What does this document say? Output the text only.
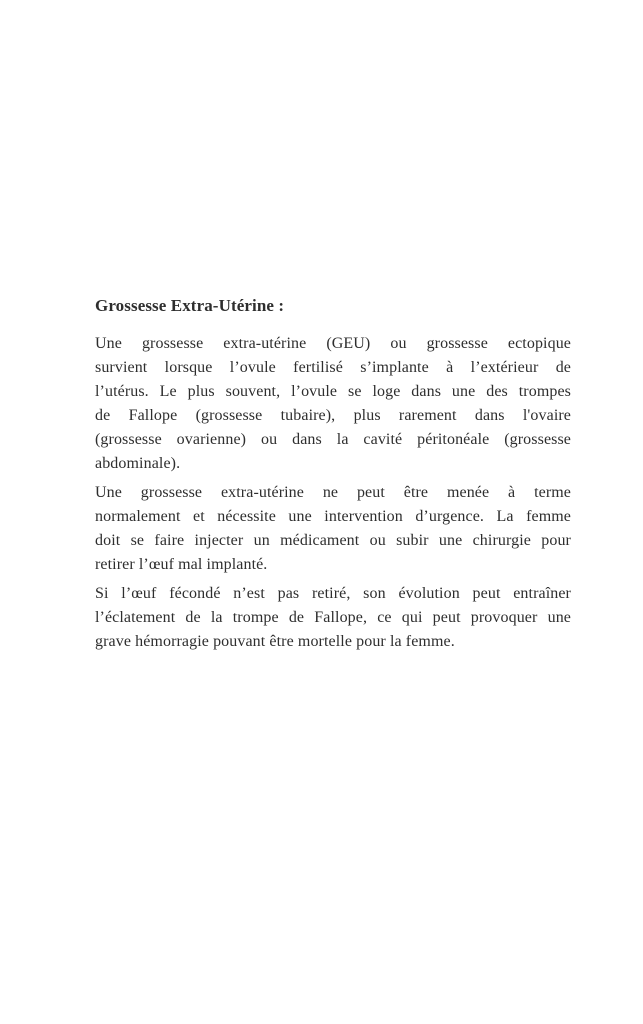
Grossesse Extra-Utérine :

Une grossesse extra-utérine (GEU) ou grossesse ectopique
survient lorsque l’ovule fertilisé s’implante à l’extérieur de
l’utérus. Le plus souvent, l’ovule se loge dans une des trompes
de Fallope (grossesse tubaire), plus rarement dans l'ovaire
(grossesse ovarienne) ou dans la cavité péritonéale (grossesse
abdominale).

Une grossesse extra-utérine ne peut être menée à terme
normalement et nécessite une intervention d’urgence. La femme
doit se faire injecter un médicament ou subir une chirurgie pour
retirer l’œuf mal implanté.

Si l’œuf fécondé n’est pas retiré, son évolution peut entraîner
l’éclatement de la trompe de Fallope, ce qui peut provoquer une
grave hémorragie pouvant être mortelle pour la femme.
